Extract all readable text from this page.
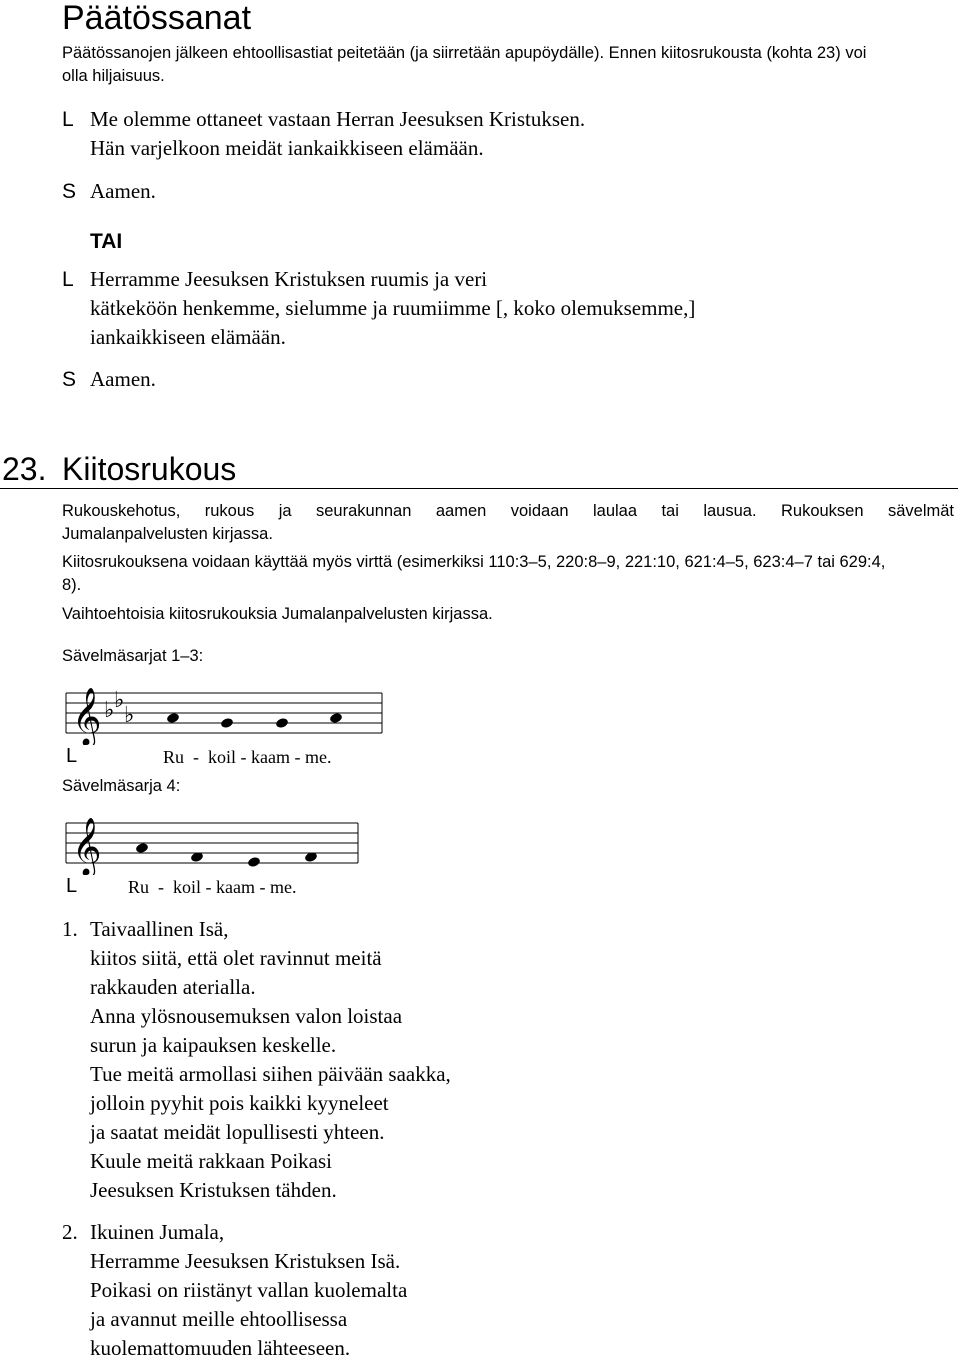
Päätössanat
Päätössanojen jälkeen ehtoollisastiat peitetään (ja siirretään apupöydälle). Ennen kiitosrukousta (kohta 23) voi
olla hiljaisuus.
L Me olemme ottaneet vastaan Herran Jeesuksen Kristuksen.
Hän varjelkoon meidät iankaikkiseen elämään.
S Aamen.
TAI
L Herramme Jeesuksen Kristuksen ruumis ja veri
kätkeköön henkemme, sielumme ja ruumiimme [, koko olemuksemme,]
iankaikkiseen elämään.
S Aamen.
23. Kiitosrukous
Rukouskehotus, rukous ja seurakunnan aamen voidaan laulaa tai lausua. Rukouksen sävelmät
Jumalanpalvelusten kirjassa.
Kiitosrukouksena voidaan käyttää myös virttä (esimerkiksi 110:3–5, 220:8–9, 221:10, 621:4–5, 623:4–7 tai 629:4,
8).
Vaihtoehtoisia kiitosrukouksia Jumalanpalvelusten kirjassa.
Sävelmäsarjat 1–3:
𝄞 ♭ ♭
♭
L	Ru  -  koil - kaam - me.
Sävelmäsarja 4:
𝄞
L	Ru  -  koil - kaam - me.
1. Taivaallinen Isä,
kiitos siitä, että olet ravinnut meitä
rakkauden aterialla.
Anna ylösnousemuksen valon loistaa
surun ja kaipauksen keskelle.
Tue meitä armollasi siihen päivään saakka,
jolloin pyyhit pois kaikki kyyneleet
ja saatat meidät lopullisesti yhteen.
Kuule meitä rakkaan Poikasi
Jeesuksen Kristuksen tähden.
2. Ikuinen Jumala,
Herramme Jeesuksen Kristuksen Isä.
Poikasi on riistänyt vallan kuolemalta
ja avannut meille ehtoollisessa
kuolemattomuuden lähteeseen.
